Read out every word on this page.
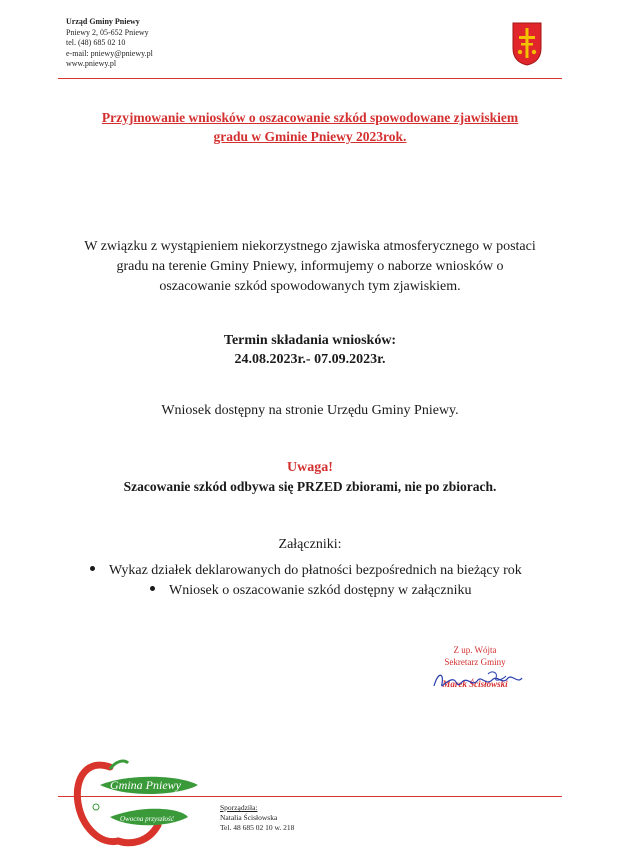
Urząd Gminy Pniewy
Pniewy 2, 05-652 Pniewy
tel. (48) 685 02 10
e-mail: pniewy@pniewy.pl
www.pniewy.pl
Przyjmowanie wniosków o oszacowanie szkód spowodowane zjawiskiem
gradu w Gminie Pniewy 2023rok.
W związku z wystąpieniem niekorzystnego zjawiska atmosferycznego w postaci
gradu na terenie Gminy Pniewy, informujemy o naborze wniosków o
oszacowanie szkód spowodowanych tym zjawiskiem.
Termin składania wniosków:
24.08.2023r.- 07.09.2023r.
Wniosek dostępny na stronie Urzędu Gminy Pniewy.
Uwaga!
Szacowanie szkód odbywa się PRZED zbiorami, nie po zbiorach.
Załączniki:
Wykaz działek deklarowanych do płatności bezpośrednich na bieżący rok
Wniosek o oszacowanie szkód dostępny w załączniku
Z up. Wójta
Sekretarz Gminy
Marek Ścisłowski
Gmina Pniewy
Owocna przyszłość
Sporządziła:
Natalia Ścisłowska
Tel. 48 685 02 10 w. 218
